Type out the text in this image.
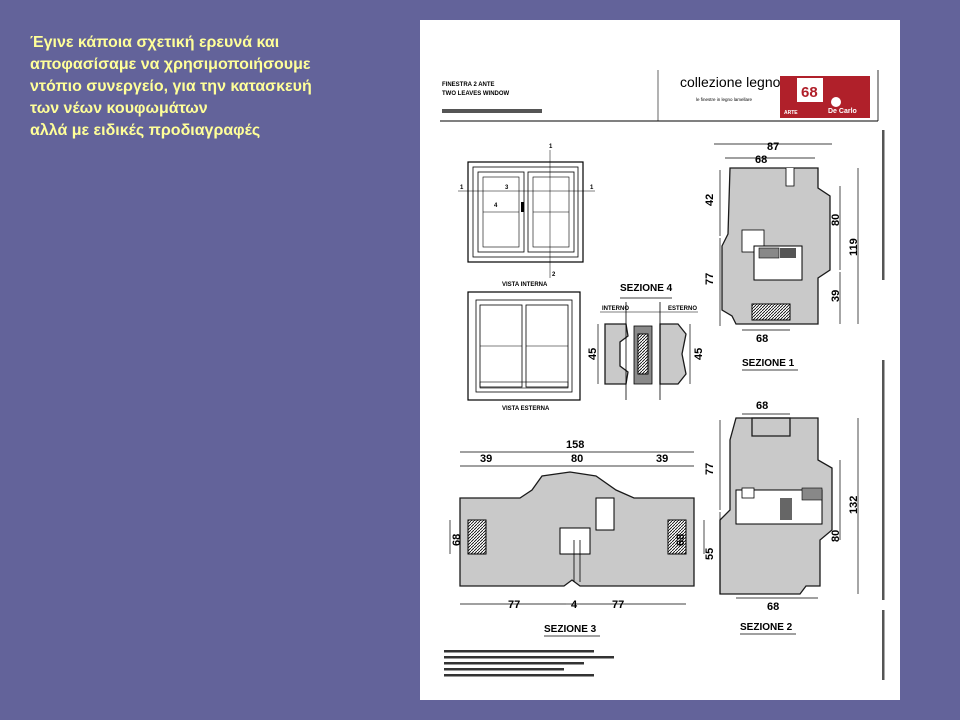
Έγινε κάποια σχετική ερευνά και
αποφασίσαμε να χρησιμοποιήσουμε
ντόπιο συνεργείο, για την κατασκευή
των νέων κουφωμάτων
αλλά με ειδικές προδιαγραφές
FINESTRA 2 ANTE
TWO LEAVES WINDOW
collezione legno
le finestre in legno lamellare	68
ARTE	De Carlo
1
1	1
3
4
2
VISTA INTERNA
VISTA ESTERNA
SEZIONE 4
INTERNO	ESTERNO
45	45
87
68
42
77
80
119
39
68
SEZIONE 1
68
77
55
80
132
68
SEZIONE 2
158
39	80	39
68	68
77	4	77
SEZIONE 3
